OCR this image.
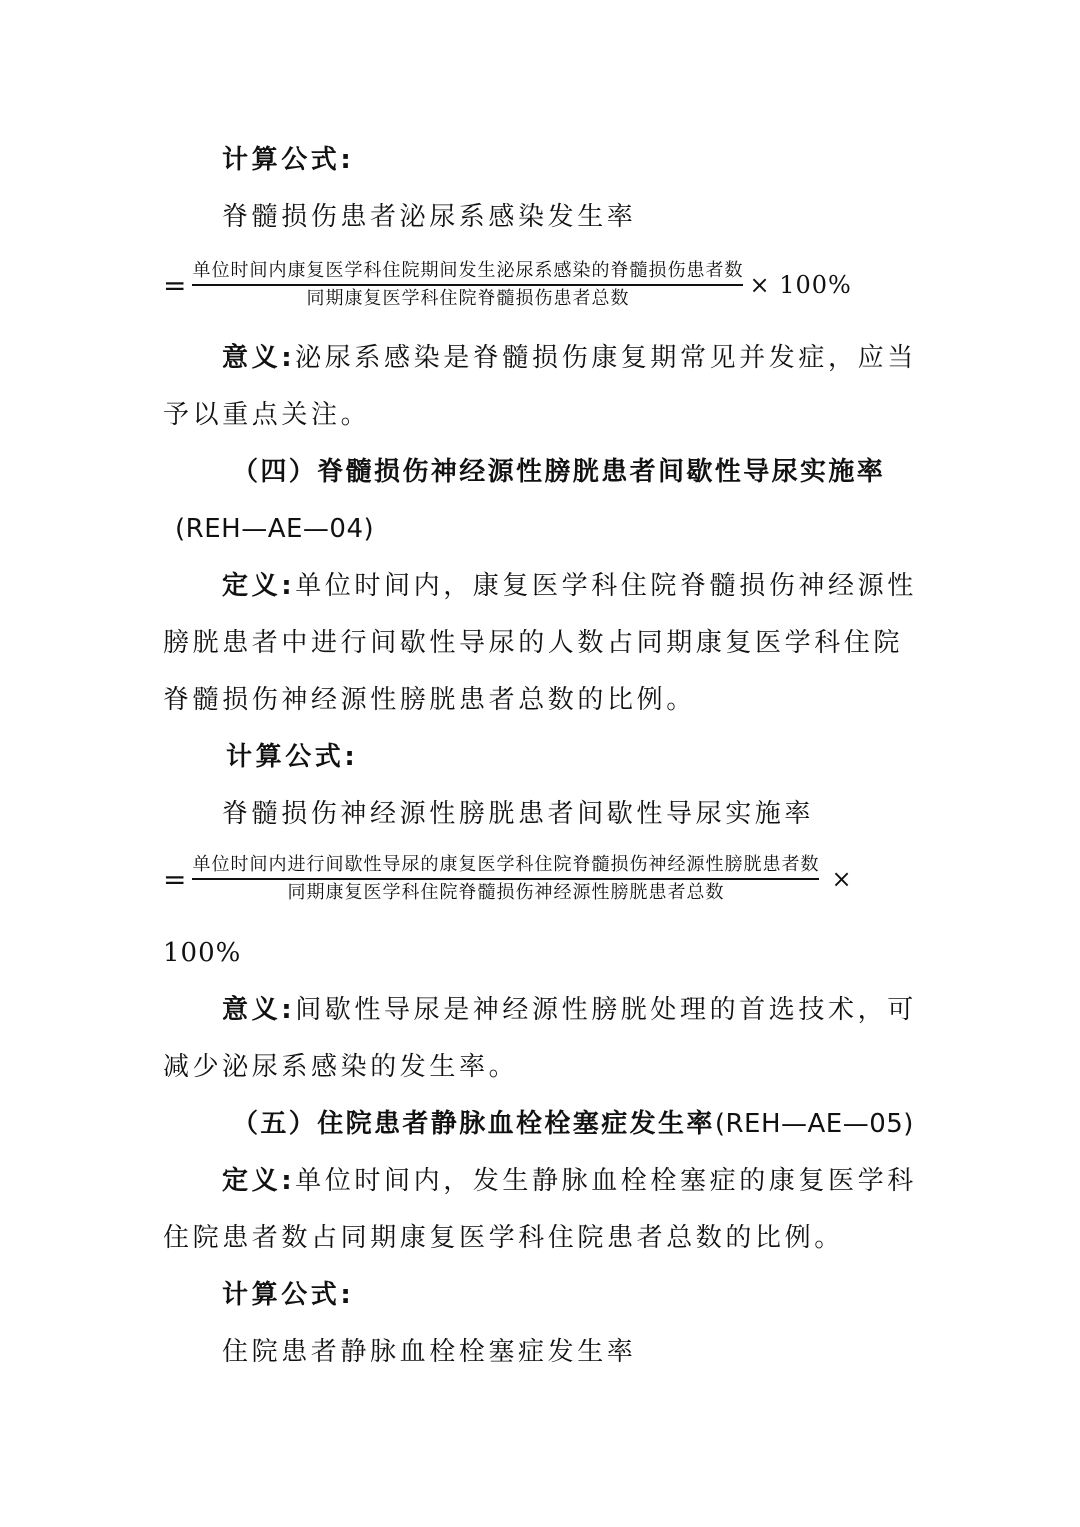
计算公式:
脊髓损伤患者泌尿系感染发生率
= $\frac{\text{单位时间内康复医学科住院期间发生泌尿系感染的脊髓损伤患者数}}{\text{同期康复医学科住院脊髓损伤患者总数}} \times 100\%$
意义:泌尿系感染是脊髓损伤康复期常见并发症，应当
予以重点关注。
（四）脊髓损伤神经源性膀胱患者间歇性导尿实施率
(REH—AE—04)
定义:单位时间内，康复医学科住院脊髓损伤神经源性
膀胱患者中进行间歇性导尿的人数占同期康复医学科住院
脊髓损伤神经源性膀胱患者总数的比例。
计算公式:
脊髓损伤神经源性膀胱患者间歇性导尿实施率
= $\frac{\text{单位时间内进行间歇性导尿的康复医学科住院脊髓损伤神经源性膀胱患者数}}{\text{同期康复医学科住院脊髓损伤神经源性膀胱患者总数}}$ ×
100%
意义:间歇性导尿是神经源性膀胱处理的首选技术，可
减少泌尿系感染的发生率。
（五）住院患者静脉血栓栓塞症发生率(REH—AE—05)
定义:单位时间内，发生静脉血栓栓塞症的康复医学科
住院患者数占同期康复医学科住院患者总数的比例。
计算公式:
住院患者静脉血栓栓塞症发生率
